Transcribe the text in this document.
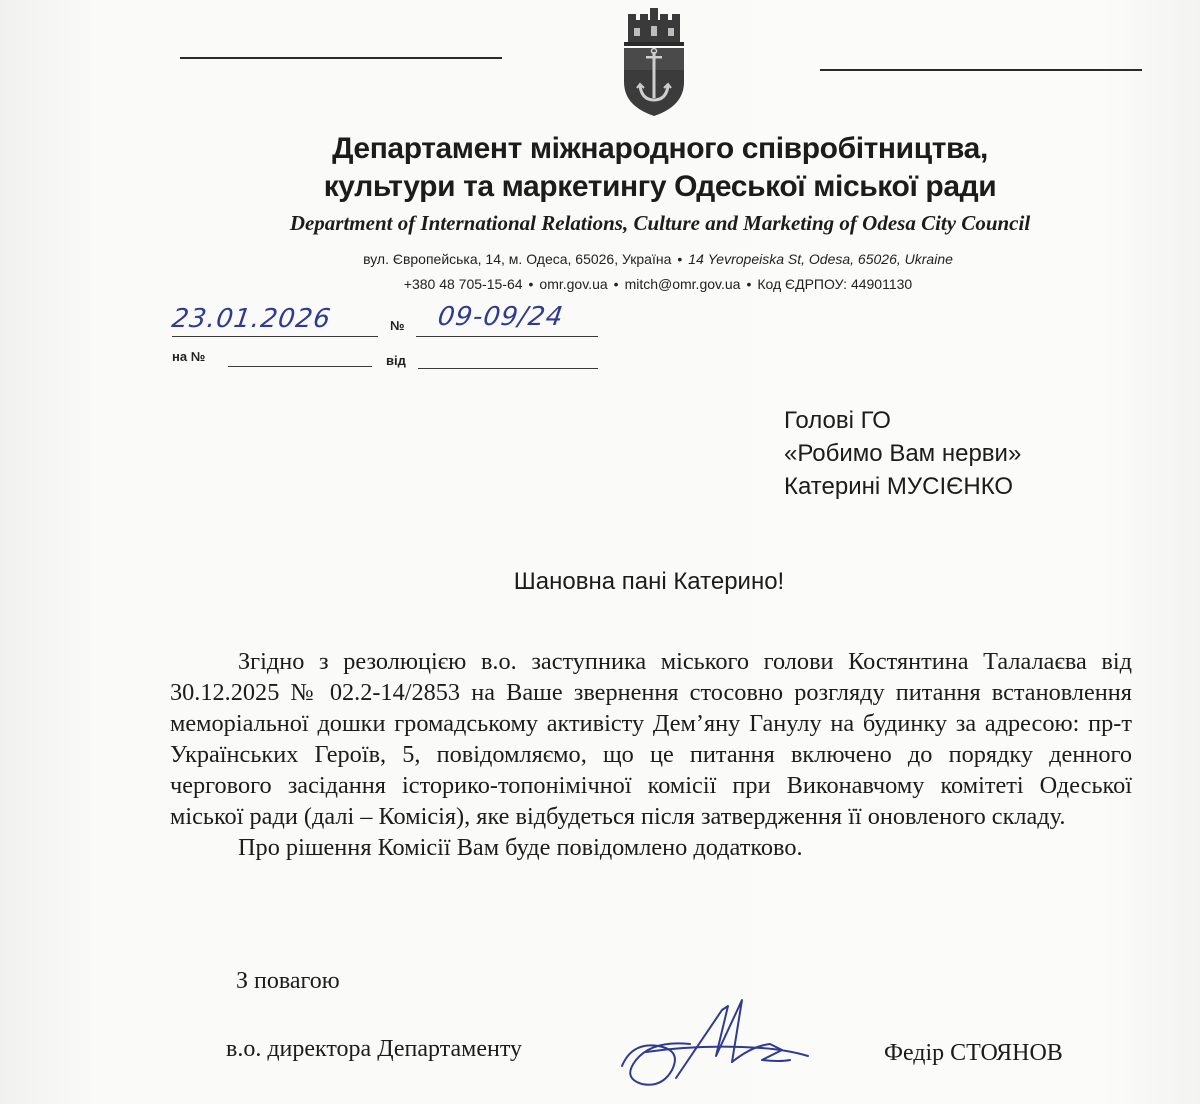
Департамент міжнародного співробітництва,
культури та маркетингу Одеської міської ради
Department of International Relations, Culture and Marketing of Odesa City Council
вул. Європейська, 14, м. Одеса, 65026, Україна • 14 Yevropeiska St, Odesa, 65026, Ukraine
+380 48 705-15-64 • omr.gov.ua • mitch@omr.gov.ua • Код ЄДРПОУ: 44901130
23.01.2026	№ 09-09/24
на №	від
Голові ГО
«Робимо Вам нерви»
Катерині МУСІЄНКО
Шановна пані Катерино!

Згідно з резолюцією в.о. заступника міського голови Костянтина Талалаєва від 30.12.2025 № 02.2-14/2853 на Ваше звернення стосовно розгляду питання встановлення меморіальної дошки громадському активісту Дем’яну Ганулу на будинку за адресою: пр-т Українських Героїв, 5, повідомляємо, що це питання включено до порядку денного чергового засідання історико-топонімічної комісії при Виконавчому комітеті Одеської міської ради (далі – Комісія), яке відбудеться після затвердження її оновленого складу.

Про рішення Комісії Вам буде повідомлено додатково.

З повагою
в.о. директора Департаменту	Федір СТОЯНОВ
